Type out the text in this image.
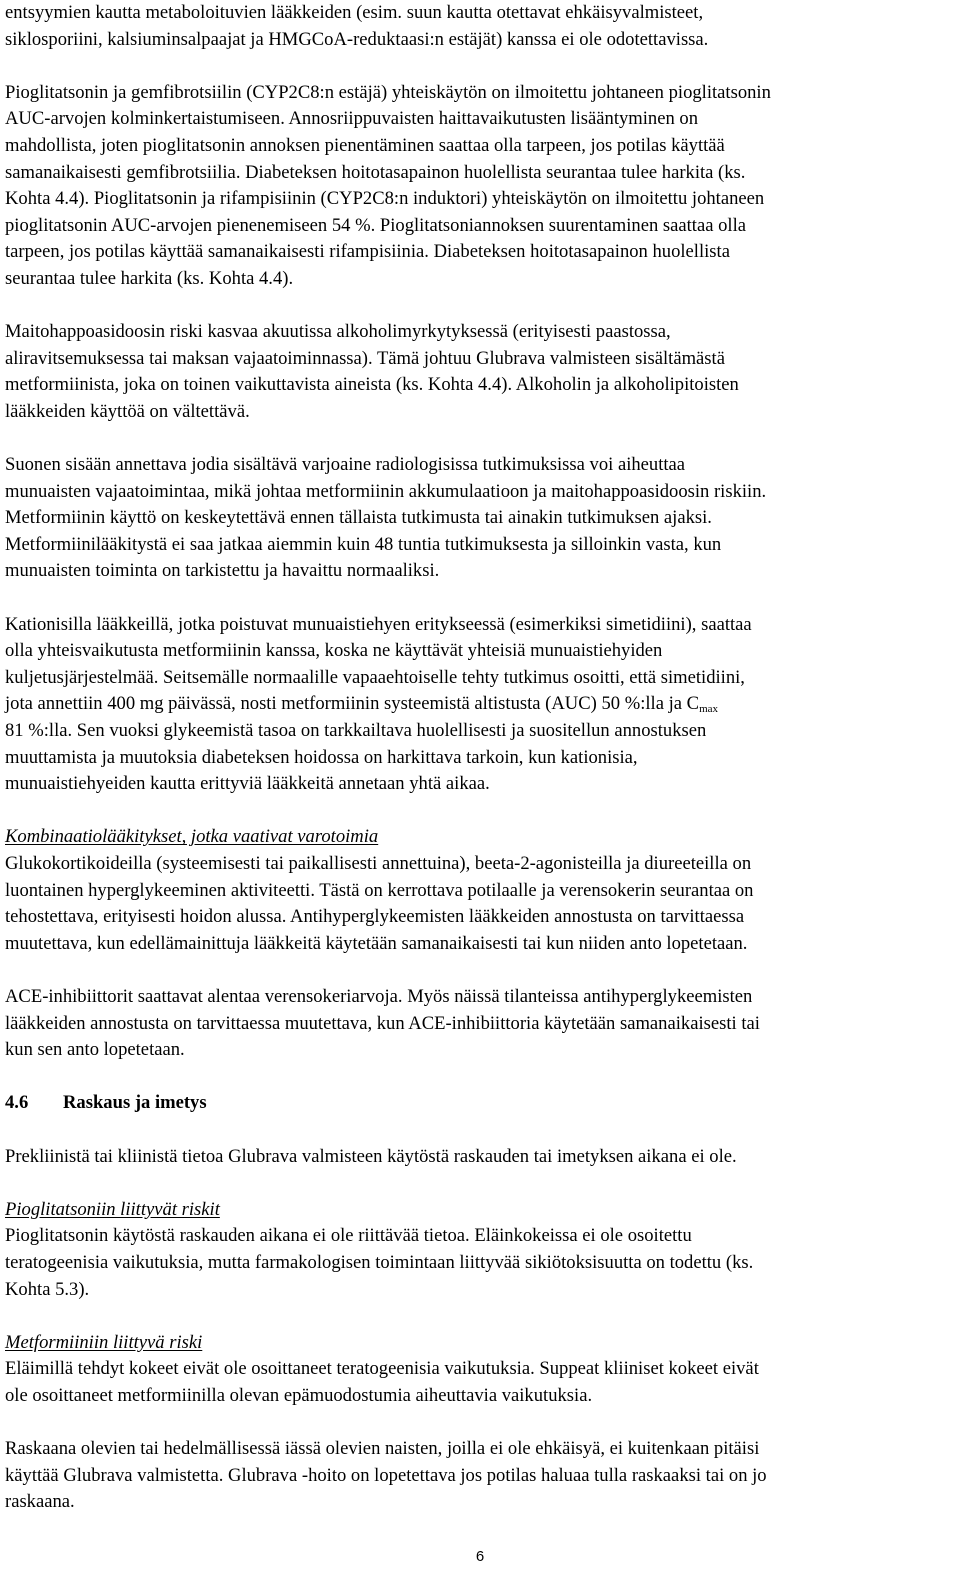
entsyymien kautta metaboloituvien lääkkeiden (esim. suun kautta otettavat ehkäisyvalmisteet,
siklosporiini, kalsiuminsalpaajat ja HMGCoA-reduktaasi:n estäjät) kanssa ei ole odotettavissa.
Pioglitatsonin ja gemfibrotsiilin (CYP2C8:n estäjä) yhteiskäytön on ilmoitettu johtaneen pioglitatsonin
AUC-arvojen kolminkertaistumiseen. Annosriippuvaisten haittavaikutusten lisääntyminen on
mahdollista, joten pioglitatsonin annoksen pienentäminen saattaa olla tarpeen, jos potilas käyttää
samanaikaisesti gemfibrotsiilia. Diabeteksen hoitotasapainon huolellista seurantaa tulee harkita (ks.
Kohta 4.4). Pioglitatsonin ja rifampisiinin (CYP2C8:n induktori) yhteiskäytön on ilmoitettu johtaneen
pioglitatsonin AUC-arvojen pienenemiseen 54 %. Pioglitatsoniannoksen suurentaminen saattaa olla
tarpeen, jos potilas käyttää samanaikaisesti rifampisiinia. Diabeteksen hoitotasapainon huolellista
seurantaa tulee harkita (ks. Kohta 4.4).
Maitohappoasidoosin riski kasvaa akuutissa alkoholimyrkytyksessä (erityisesti paastossa,
aliravitsemuksessa tai maksan vajaatoiminnassa). Tämä johtuu Glubrava valmisteen sisältämästä
metformiinista, joka on toinen vaikuttavista aineista (ks. Kohta 4.4). Alkoholin ja alkoholipitoisten
lääkkeiden käyttöä on vältettävä.
Suonen sisään annettava jodia sisältävä varjoaine radiologisissa tutkimuksissa voi aiheuttaa
munuaisten vajaatoimintaa, mikä johtaa metformiinin akkumulaatioon ja maitohappoasidoosin riskiin.
Metformiinin käyttö on keskeytettävä ennen tällaista tutkimusta tai ainakin tutkimuksen ajaksi.
Metformiinilääkitystä ei saa jatkaa aiemmin kuin 48 tuntia tutkimuksesta ja silloinkin vasta, kun
munuaisten toiminta on tarkistettu ja havaittu normaaliksi.
Kationisilla lääkkeillä, jotka poistuvat munuaistiehyen eritykseessä (esimerkiksi simetidiini), saattaa
olla yhteisvaikutusta metformiinin kanssa, koska ne käyttävät yhteisiä munuaistiehyiden
kuljetusjärjestelmää. Seitsemälle normaalille vapaaehtoiselle tehty tutkimus osoitti, että simetidiini,
jota annettiin 400 mg päivässä, nosti metformiinin systeemistä altistusta (AUC) 50 %:lla ja $C_{max}$
81 %:lla. Sen vuoksi glykeemistä tasoa on tarkkailtava huolellisesti ja suositellun annostuksen
muuttamista ja muutoksia diabeteksen hoidossa on harkittava tarkoin, kun kationisia,
munuaistiehyeiden kautta erittyviä lääkkeitä annetaan yhtä aikaa.
Kombinaatiolääkitykset, jotka vaativat varotoimia
Glukokortikoideilla (systeemisesti tai paikallisesti annettuina), beeta-2-agonisteilla ja diureeteilla on
luontainen hyperglykeeminen aktiviteetti. Tästä on kerrottava potilaalle ja verensokerin seurantaa on
tehostettava, erityisesti hoidon alussa. Antihyperglykeemisten lääkkeiden annostusta on tarvittaessa
muutettava, kun edellämainittuja lääkkeitä käytetään samanaikaisesti tai kun niiden anto lopetetaan.
ACE-inhibiittorit saattavat alentaa verensokeriarvoja. Myös näissä tilanteissa antihyperglykeemisten
lääkkeiden annostusta on tarvittaessa muutettava, kun ACE-inhibiittoria käytetään samanaikaisesti tai
kun sen anto lopetetaan.
4.6 Raskaus ja imetys
Prekliinistä tai kliinistä tietoa Glubrava valmisteen käytöstä raskauden tai imetyksen aikana ei ole.
Pioglitatsoniin liittyvät riskit
Pioglitatsonin käytöstä raskauden aikana ei ole riittävää tietoa. Eläinkokeissa ei ole osoitettu
teratogeenisia vaikutuksia, mutta farmakologisen toimintaan liittyvää sikiötoksisuutta on todettu (ks.
Kohta 5.3).
Metformiiniin liittyvä riski
Eläimillä tehdyt kokeet eivät ole osoittaneet teratogeenisia vaikutuksia. Suppeat kliiniset kokeet eivät
ole osoittaneet metformiinilla olevan epämuodostumia aiheuttavia vaikutuksia.
Raskaana olevien tai hedelmällisessä iässä olevien naisten, joilla ei ole ehkäisyä, ei kuitenkaan pitäisi
käyttää Glubrava valmistetta. Glubrava -hoito on lopetettava jos potilas haluaa tulla raskaaksi tai on jo
raskaana.
6
